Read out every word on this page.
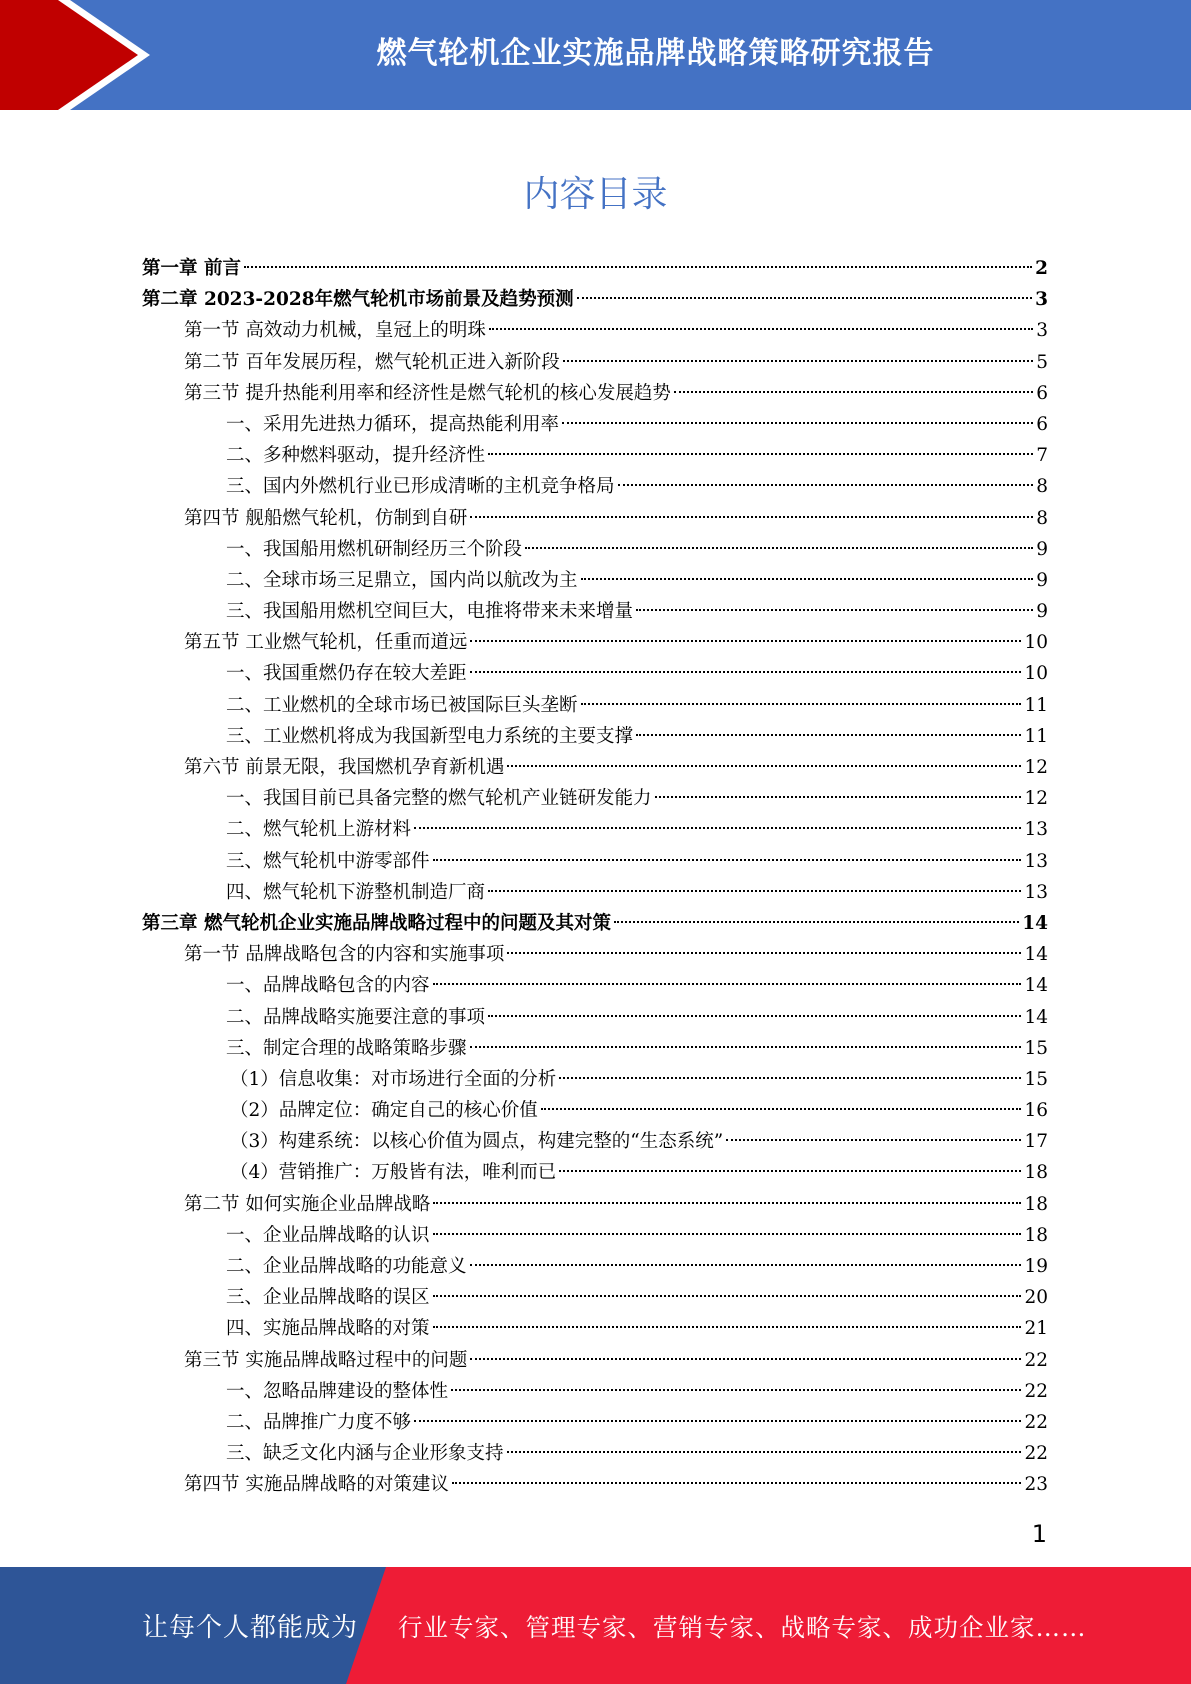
燃气轮机企业实施品牌战略策略研究报告
内容目录
第一章 前言	2
第二章 2023-2028年燃气轮机市场前景及趋势预测	3
第一节 高效动力机械，皇冠上的明珠	3
第二节 百年发展历程，燃气轮机正进入新阶段	5
第三节 提升热能利用率和经济性是燃气轮机的核心发展趋势	6
一、采用先进热力循环，提高热能利用率	6
二、多种燃料驱动，提升经济性	7
三、国内外燃机行业已形成清晰的主机竞争格局	8
第四节 舰船燃气轮机，仿制到自研	8
一、我国船用燃机研制经历三个阶段	9
二、全球市场三足鼎立，国内尚以航改为主	9
三、我国船用燃机空间巨大，电推将带来未来增量	9
第五节 工业燃气轮机，任重而道远	10
一、我国重燃仍存在较大差距	10
二、工业燃机的全球市场已被国际巨头垄断	11
三、工业燃机将成为我国新型电力系统的主要支撑	11
第六节 前景无限，我国燃机孕育新机遇	12
一、我国目前已具备完整的燃气轮机产业链研发能力	12
二、燃气轮机上游材料	13
三、燃气轮机中游零部件	13
四、燃气轮机下游整机制造厂商	13
第三章 燃气轮机企业实施品牌战略过程中的问题及其对策	14
第一节 品牌战略包含的内容和实施事项	14
一、品牌战略包含的内容	14
二、品牌战略实施要注意的事项	14
三、制定合理的战略策略步骤	15
（1）信息收集：对市场进行全面的分析	15
（2）品牌定位：确定自己的核心价值	16
（3）构建系统：以核心价值为圆点，构建完整的“生态系统”	17
（4）营销推广：万般皆有法，唯利而已	18
第二节 如何实施企业品牌战略	18
一、企业品牌战略的认识	18
二、企业品牌战略的功能意义	19
三、企业品牌战略的误区	20
四、实施品牌战略的对策	21
第三节 实施品牌战略过程中的问题	22
一、忽略品牌建设的整体性	22
二、品牌推广力度不够	22
三、缺乏文化内涵与企业形象支持	22
第四节 实施品牌战略的对策建议	23
1
让每个人都能成为 行业专家、管理专家、营销专家、战略专家、成功企业家……
